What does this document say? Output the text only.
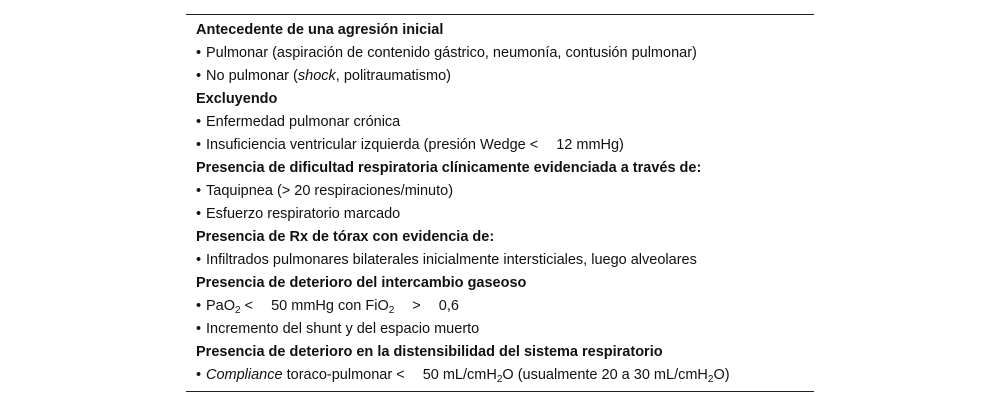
Antecedente de una agresión inicial
• Pulmonar (aspiración de contenido gástrico, neumonía, contusión pulmonar)
• No pulmonar (shock, politraumatismo)
Excluyendo
• Enfermedad pulmonar crónica
• Insuficiencia ventricular izquierda (presión Wedge < 12 mmHg)
Presencia de dificultad respiratoria clínicamente evidenciada a través de:
• Taquipnea (> 20 respiraciones/minuto)
• Esfuerzo respiratorio marcado
Presencia de Rx de tórax con evidencia de:
• Infiltrados pulmonares bilaterales inicialmente intersticiales, luego alveolares
Presencia de deterioro del intercambio gaseoso
• PaO$_2$ < 50 mmHg con FiO$_2$ > 0,6
• Incremento del shunt y del espacio muerto
Presencia de deterioro en la distensibilidad del sistema respiratorio
• Compliance toraco-pulmonar < 50 mL/cmH$_2$O (usualmente 20 a 30 mL/cmH$_2$O)
